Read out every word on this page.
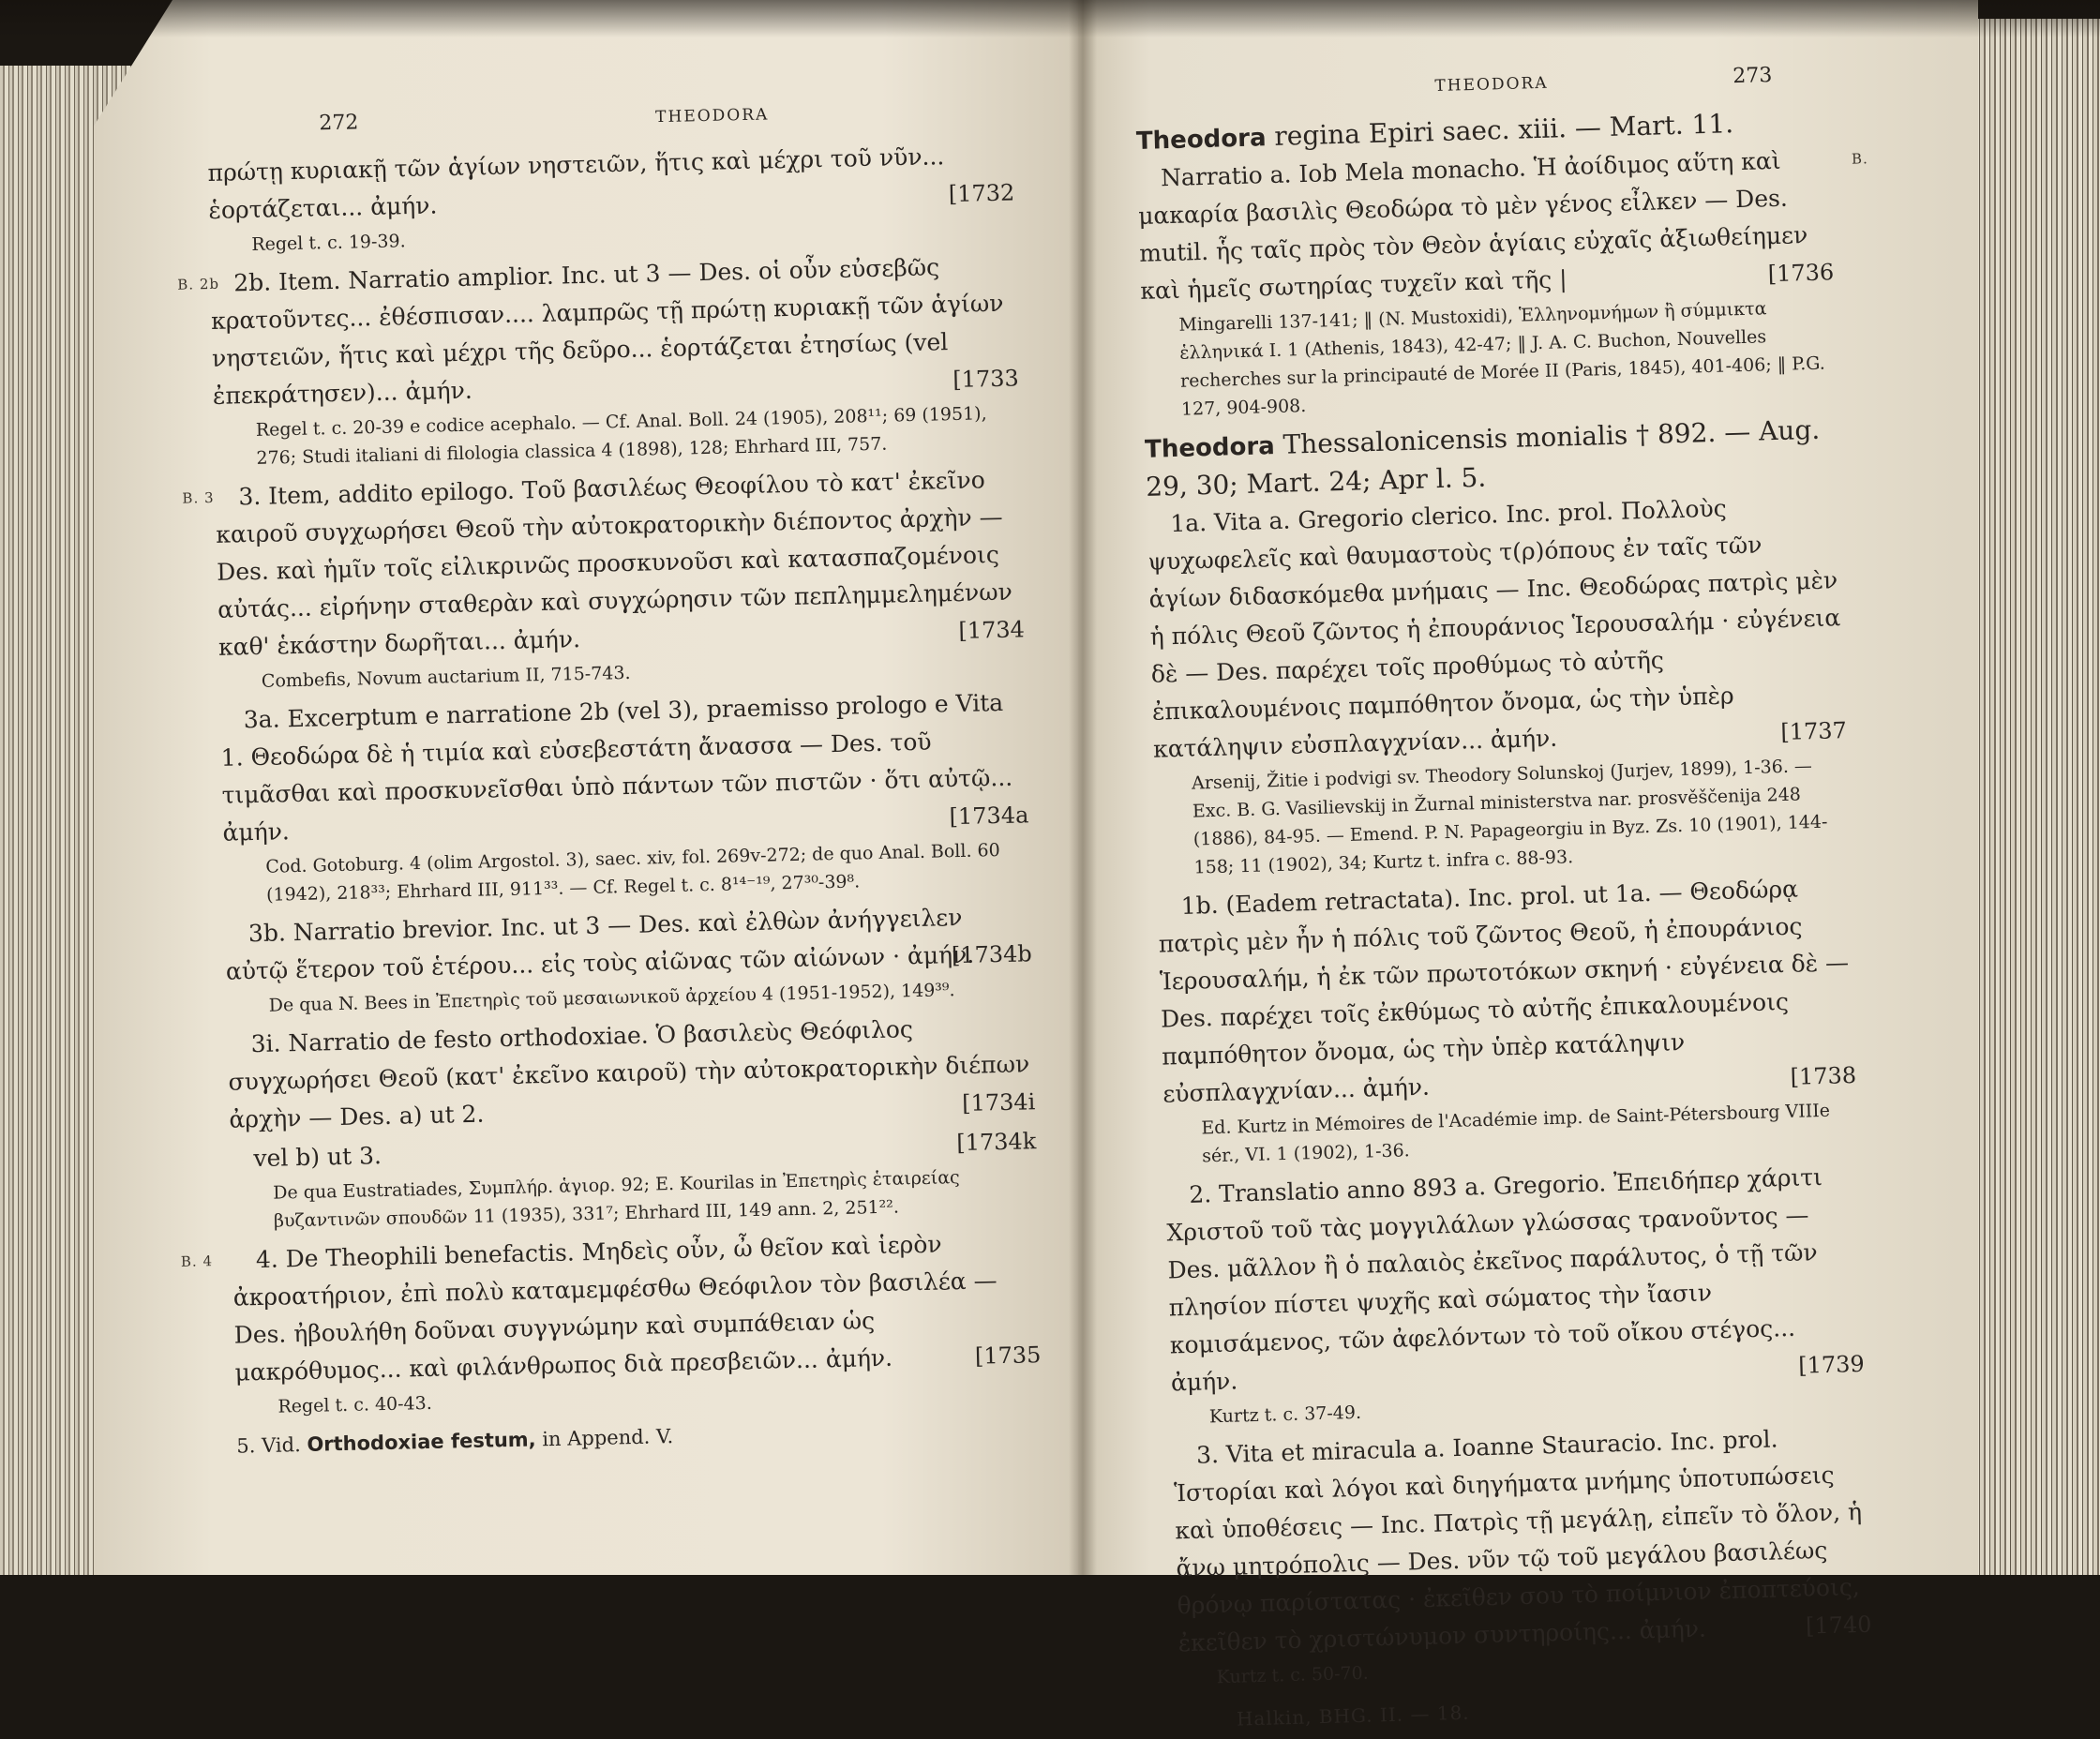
272	THEODORA
πρώτῃ κυριακῇ τῶν ἁγίων νηστειῶν, ἥτις καὶ μέχρι τοῦ νῦν... ἑορτάζεται... ἀμήν.	[1732
Regel t. c. 19-39.
B. 2b 2b. Item. Narratio amplior. Inc. ut 3 — Des. οἱ οὖν εὐσεβῶς κρατοῦντες... ἐθέσπισαν.... λαμπρῶς τῇ πρώτῃ κυριακῇ τῶν ἁγίων νηστειῶν, ἥτις καὶ μέχρι τῆς δεῦρο... ἑορτάζεται ἐτησίως (vel ἐπεκράτησεν)... ἀμήν.	[1733
Regel t. c. 20-39 e codice acephalo. — Cf. Anal. Boll. 24 (1905), 208¹¹; 69 (1951), 276; Studi italiani di filologia classica 4 (1898), 128; Ehrhard III, 757.
B. 3 3. Item, addito epilogo. Τοῦ βασιλέως Θεοφίλου τὸ κατ' ἐκεῖνο καιροῦ συγχωρήσει Θεοῦ τὴν αὐτοκρατορικὴν διέποντος ἀρχὴν — Des. καὶ ἡμῖν τοῖς εἰλικρινῶς προσκυνοῦσι καὶ κατασπαζομένοις αὐτάς... εἰρήνην σταθερὰν καὶ συγχώρησιν τῶν πεπλημμελημένων καθ' ἑκάστην δωρῆται... ἀμήν.	[1734
Combefis, Novum auctarium II, 715-743.
3a. Excerptum e narratione 2b (vel 3), praemisso prologo e Vita 1. Θεοδώρα δὲ ἡ τιμία καὶ εὐσεβεστάτη ἄνασσα — Des. τοῦ τιμᾶσθαι καὶ προσκυνεῖσθαι ὑπὸ πάντων τῶν πιστῶν · ὅτι αὐτῷ... ἀμήν.
[1734a
Cod. Gotoburg. 4 (olim Argostol. 3), saec. xiv, fol. 269v-272; de quo Anal. Boll. 60 (1942), 218³³; Ehrhard III, 911³³. — Cf. Regel t. c. 8¹⁴⁻¹⁹, 27³⁰-39⁸.
3b. Narratio brevior. Inc. ut 3 — Des. καὶ ἐλθὼν ἀνήγγειλεν αὐτῷ ἕτερον τοῦ ἑτέρου... εἰς τοὺς αἰῶνας τῶν αἰώνων · ἀμήν.
[1734b
De qua N. Bees in Ἐπετηρὶς τοῦ μεσαιωνικοῦ ἀρχείου 4 (1951-1952), 149³⁹.
3i. Narratio de festo orthodoxiae. Ὁ βασιλεὺς Θεόφιλος συγχωρήσει Θεοῦ (κατ' ἐκεῖνο καιροῦ) τὴν αὐτοκρατορικὴν διέπων ἀρχὴν — Des. a) ut 2.	[1734i
vel b) ut 3.	[1734k
De qua Eustratiades, Συμπλήρ. ἁγιορ. 92; E. Kourilas in Ἐπετηρὶς ἑταιρείας βυζαντινῶν σπουδῶν 11 (1935), 331⁷; Ehrhard III, 149 ann. 2, 251²².
B. 4 4. De Theophili benefactis. Μηδεὶς οὖν, ὦ θεῖον καὶ ἱερὸν ἀκροατήριον, ἐπὶ πολὺ καταμεμφέσθω Θεόφιλον τὸν βασιλέα — Des. ἠβουλήθη δοῦναι συγγνώμην καὶ συμπάθειαν ὡς μακρόθυμος... καὶ φιλάνθρωπος διὰ πρεσβειῶν... ἀμήν.	[1735
Regel t. c. 40-43.
5. Vid. Orthodoxiae festum, in Append. V.
THEODORA	273
Theodora regina Epiri saec. xiii. — Mart. 11.
B.
Narratio a. Iob Mela monacho. Ἡ ἀοίδιμος αὕτη καὶ μακαρία βασιλὶς Θεοδώρα τὸ μὲν γένος εἶλκεν — Des. mutil. ἧς ταῖς πρὸς τὸν Θεὸν ἁγίαις εὐχαῖς ἀξιωθείημεν καὶ ἡμεῖς σωτηρίας τυχεῖν καὶ τῆς |	[1736
Mingarelli 137-141; ‖ (N. Mustoxidi), Ἑλληνομνήμων ἢ σύμμικτα ἑλληνικά I. 1 (Athenis, 1843), 42-47; ‖ J. A. C. Buchon, Nouvelles recherches sur la principauté de Morée II (Paris, 1845), 401-406; ‖ P.G. 127, 904-908.
Theodora Thessalonicensis monialis † 892. — Aug. 29, 30; Mart. 24; Apr l. 5.
1a. Vita a. Gregorio clerico. Inc. prol. Πολλοὺς ψυχωφελεῖς καὶ θαυμαστοὺς τ(ρ)όπους ἐν ταῖς τῶν ἁγίων διδασκόμεθα μνήμαις — Inc. Θεοδώρας πατρὶς μὲν ἡ πόλις Θεοῦ ζῶντος ἡ ἐπουράνιος Ἱερουσαλήμ · εὐγένεια δὲ — Des. παρέχει τοῖς προθύμως τὸ αὐτῆς ἐπικαλουμένοις παμπόθητον ὄνομα, ὡς τὴν ὑπὲρ κατάληψιν εὐσπλαγχνίαν... ἀμήν.	[1737
Arsenij, Žitie i podvigi sv. Theodory Solunskoj (Jurjev, 1899), 1-36. — Exc. B. G. Vasilievskij in Žurnal ministerstva nar. prosvěščenija 248 (1886), 84-95. — Emend. P. N. Papageorgiu in Byz. Zs. 10 (1901), 144-158; 11 (1902), 34; Kurtz t. infra c. 88-93.
1b. (Eadem retractata). Inc. prol. ut 1a. — Θεοδώρᾳ πατρὶς μὲν ἦν ἡ πόλις τοῦ ζῶντος Θεοῦ, ἡ ἐπουράνιος Ἱερουσαλήμ, ἡ ἐκ τῶν πρωτοτόκων σκηνή · εὐγένεια δὲ — Des. παρέχει τοῖς ἐκθύμως τὸ αὐτῆς ἐπικαλουμένοις παμπόθητον ὄνομα, ὡς τὴν ὑπὲρ κατάληψιν εὐσπλαγχνίαν... ἀμήν.	[1738
Ed. Kurtz in Mémoires de l'Académie imp. de Saint-Pétersbourg VIIIe sér., VI. 1 (1902), 1-36.
2. Translatio anno 893 a. Gregorio. Ἐπειδήπερ χάριτι Χριστοῦ τοῦ τὰς μογγιλάλων γλώσσας τρανοῦντος — Des. μᾶλλον ἢ ὁ παλαιὸς ἐκεῖνος παράλυτος, ὁ τῇ τῶν πλησίον πίστει ψυχῆς καὶ σώματος τὴν ἴασιν κομισάμενος, τῶν ἀφελόντων τὸ τοῦ οἴκου στέγος... ἀμήν.
[1739
Kurtz t. c. 37-49.
3. Vita et miracula a. Ioanne Stauracio. Inc. prol. Ἱστορίαι καὶ λόγοι καὶ διηγήματα μνήμης ὑποτυπώσεις καὶ ὑποθέσεις — Inc. Πατρὶς τῇ μεγάλῃ, εἰπεῖν τὸ ὅλον, ἡ ἄνω μητρόπολις — Des. νῦν τῷ τοῦ μεγάλου βασιλέως θρόνῳ παρίστατας · ἐκεῖθεν σου τὸ ποίμνιον ἐποπτεύοις, ἐκεῖθεν τὸ χριστώνυμον συντηροίης... ἀμήν.	[1740
Kurtz t. c. 50-70.
Halkin, BHG. II. — 18.
